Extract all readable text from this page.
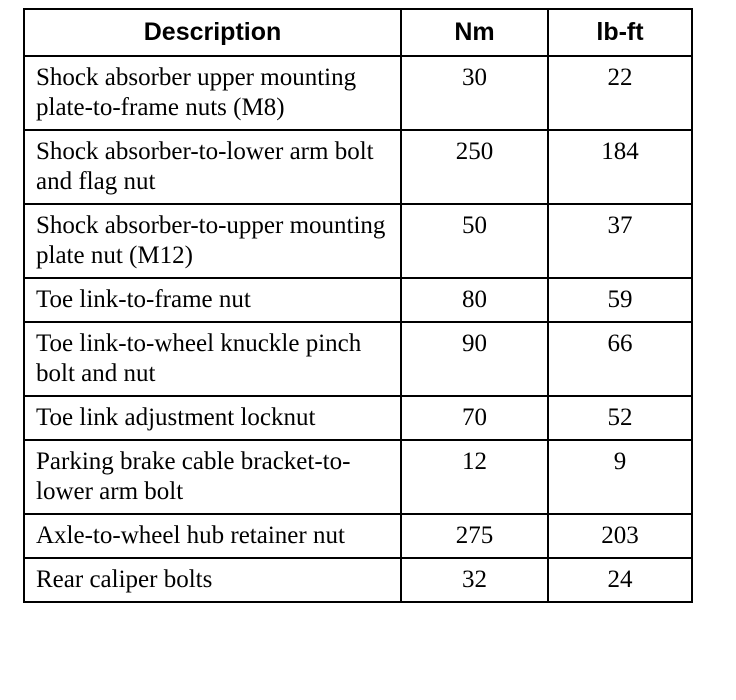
Description	Nm	lb-ft
Shock absorber upper mounting plate-to-frame nuts (M8)	30	22
Shock absorber-to-lower arm bolt and flag nut	250	184
Shock absorber-to-upper mounting plate nut (M12)	50	37
Toe link-to-frame nut	80	59
Toe link-to-wheel knuckle pinch bolt and nut	90	66
Toe link adjustment locknut	70	52
Parking brake cable bracket-to-lower arm bolt	12	9
Axle-to-wheel hub retainer nut	275	203
Rear caliper bolts	32	24
